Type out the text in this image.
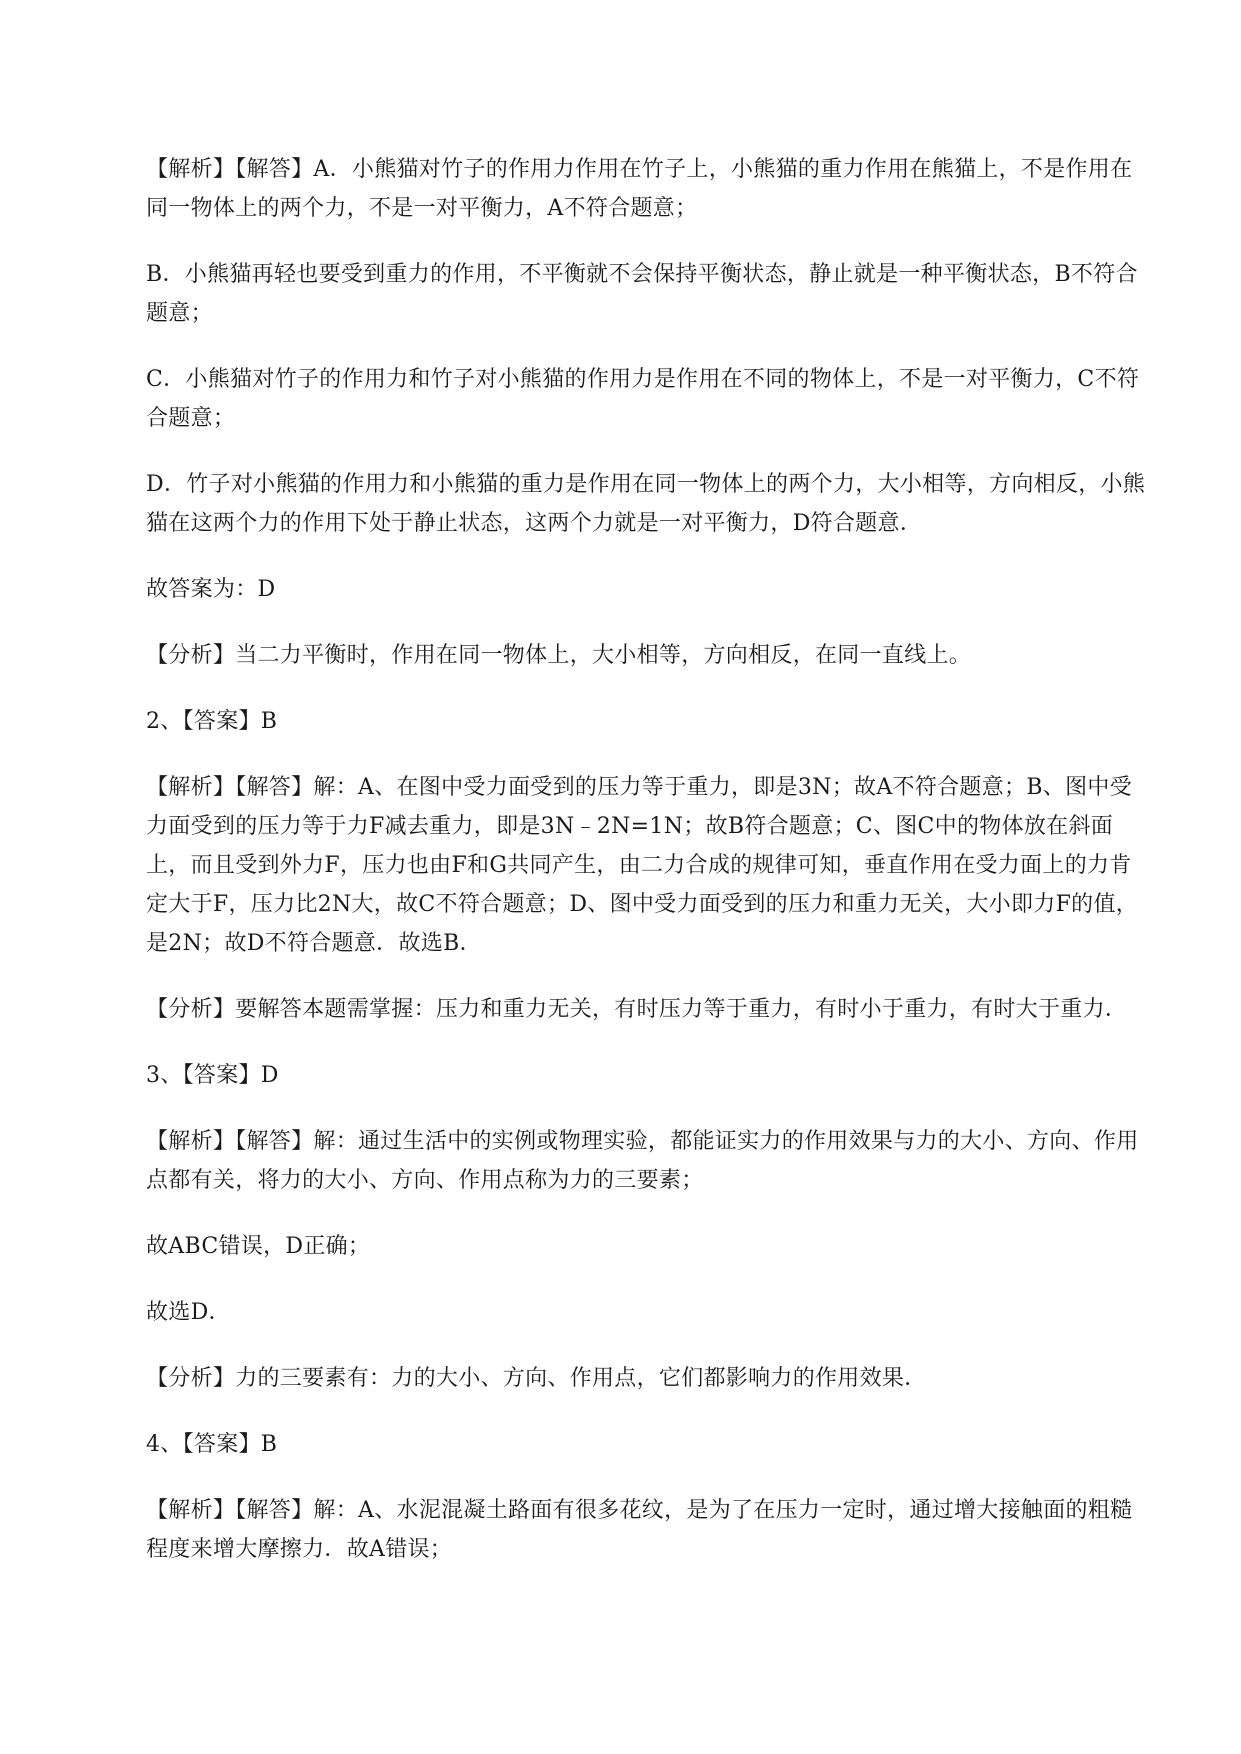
【解析】【解答】A．小熊猫对竹子的作用力作用在竹子上，小熊猫的重力作用在熊猫上，不是作用在同一物体上的两个力，不是一对平衡力，A不符合题意；

B．小熊猫再轻也要受到重力的作用，不平衡就不会保持平衡状态，静止就是一种平衡状态，B不符合题意；

C．小熊猫对竹子的作用力和竹子对小熊猫的作用力是作用在不同的物体上，不是一对平衡力，C不符合题意；

D．竹子对小熊猫的作用力和小熊猫的重力是作用在同一物体上的两个力，大小相等，方向相反，小熊猫在这两个力的作用下处于静止状态，这两个力就是一对平衡力，D符合题意．

故答案为：D

【分析】当二力平衡时，作用在同一物体上，大小相等，方向相反，在同一直线上。

2、【答案】B

【解析】【解答】解：A、在图中受力面受到的压力等于重力，即是3N；故A不符合题意；B、图中受力面受到的压力等于力F减去重力，即是3N﹣2N=1N；故B符合题意；C、图C中的物体放在斜面上，而且受到外力F，压力也由F和G共同产生，由二力合成的规律可知，垂直作用在受力面上的力肯定大于F，压力比2N大，故C不符合题意；D、图中受力面受到的压力和重力无关，大小即力F的值，是2N；故D不符合题意．故选B．

【分析】要解答本题需掌握：压力和重力无关，有时压力等于重力，有时小于重力，有时大于重力．

3、【答案】D

【解析】【解答】解：通过生活中的实例或物理实验，都能证实力的作用效果与力的大小、方向、作用点都有关，将力的大小、方向、作用点称为力的三要素；

故ABC错误，D正确；

故选D．

【分析】力的三要素有：力的大小、方向、作用点，它们都影响力的作用效果．

4、【答案】B

【解析】【解答】解：A、水泥混凝土路面有很多花纹，是为了在压力一定时，通过增大接触面的粗糙程度来增大摩擦力．故A错误；
